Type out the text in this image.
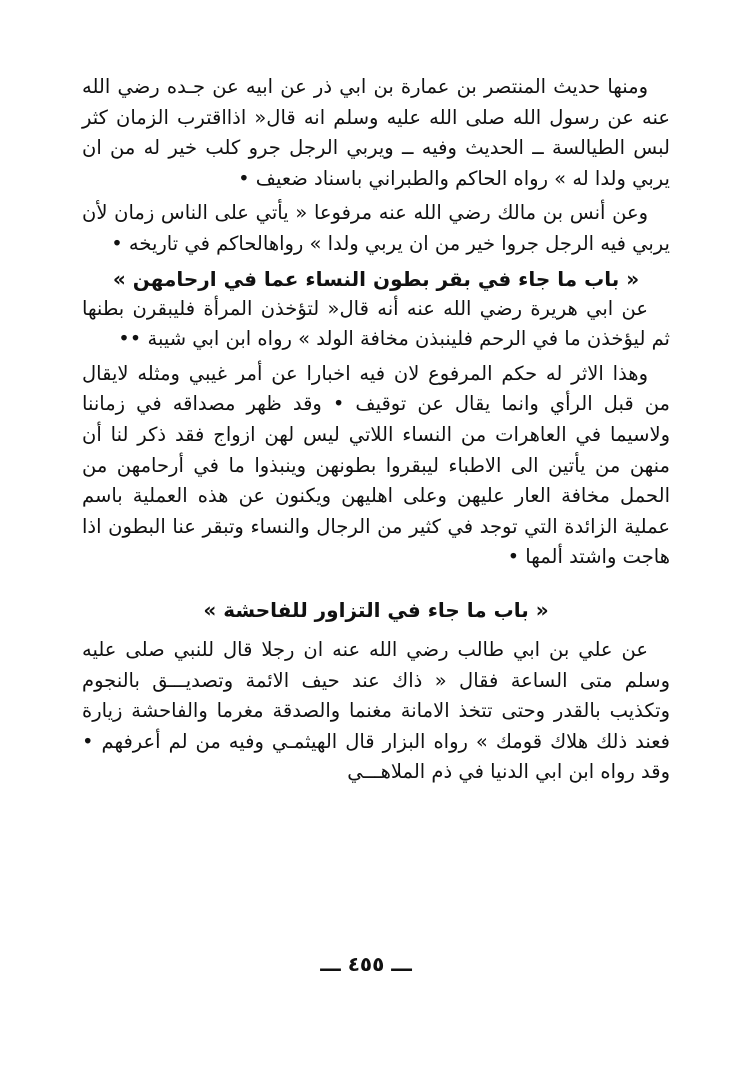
ومنها حديث المنتصر بن عمارة بن ابي ذر عن ابيه عن جـده رضي الله عنه عن رسول الله صلى الله عليه وسلم انه قال« اذااقترب الزمان كثر لبس الطيالسة ــ الحديث وفيه ــ ويربي الرجل جرو كلب خير له من ان يربي ولدا له » رواه الحاكم والطبراني باسناد ضعيف •

وعن أنس بن مالك رضي الله عنه مرفوعا « يأتي على الناس زمان لأن يربي فيه الرجل جروا خير من ان يربي ولدا » رواهالحاكم في تاريخه •

« باب ما جاء في بقر بطون النساء عما في ارحامهن »

عن ابي هريرة رضي الله عنه أنه قال« لتؤخذن المرأة فليبقرن بطنها ثم ليؤخذن ما في الرحم فلينبذن مخافة الولد » رواه ابن ابي شيبة ••

وهذا الاثر له حكم المرفوع لان فيه اخبارا عن أمر غيبي ومثله لايقال من قبل الرأي وانما يقال عن توقيف • وقد ظهر مصداقه في زماننا ولاسيما في العاهرات من النساء اللاتي ليس لهن ازواج فقد ذكر لنا أن منهن من يأتين الى الاطباء ليبقروا بطونهن وينبذوا ما في أرحامهن من الحمل مخافة العار عليهن وعلى اهليهن ويكنون عن هذه العملية باسم عملية الزائدة التي توجد في كثير من الرجال والنساء وتبقر عنا البطون اذا هاجت واشتد ألمها •

« باب ما جاء في التزاور للفاحشة »

عن علي بن ابي طالب رضي الله عنه ان رجلا قال للنبي صلى عليه وسلم متى الساعة فقال « ذاك عند حيف الائمة وتصديـــق بالنجوم وتكذيب بالقدر وحتى تتخذ الامانة مغنما والصدقة مغرما والفاحشة زيارة فعند ذلك هلاك قومك » رواه البزار قال الهيثمـي وفيه من لم أعرفهم • وقد رواه ابن ابي الدنيا في ذم الملاهـــي

ـــ ٤٥٥ ـــ
